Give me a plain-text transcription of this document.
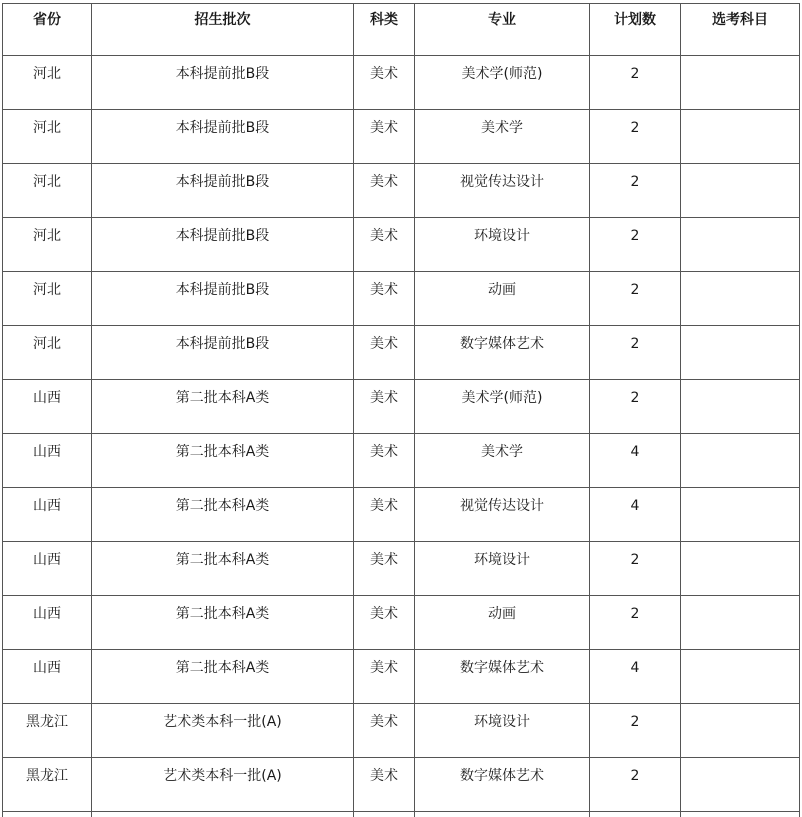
省份	招生批次	科类	专业	计划数	选考科目
河北	本科提前批B段	美术	美术学(师范)	2	
河北	本科提前批B段	美术	美术学	2	
河北	本科提前批B段	美术	视觉传达设计	2	
河北	本科提前批B段	美术	环境设计	2	
河北	本科提前批B段	美术	动画	2	
河北	本科提前批B段	美术	数字媒体艺术	2	
山西	第二批本科A类	美术	美术学(师范)	2	
山西	第二批本科A类	美术	美术学	4	
山西	第二批本科A类	美术	视觉传达设计	4	
山西	第二批本科A类	美术	环境设计	2	
山西	第二批本科A类	美术	动画	2	
山西	第二批本科A类	美术	数字媒体艺术	4	
黑龙江	艺术类本科一批(A)	美术	环境设计	2	
黑龙江	艺术类本科一批(A)	美术	数字媒体艺术	2	
